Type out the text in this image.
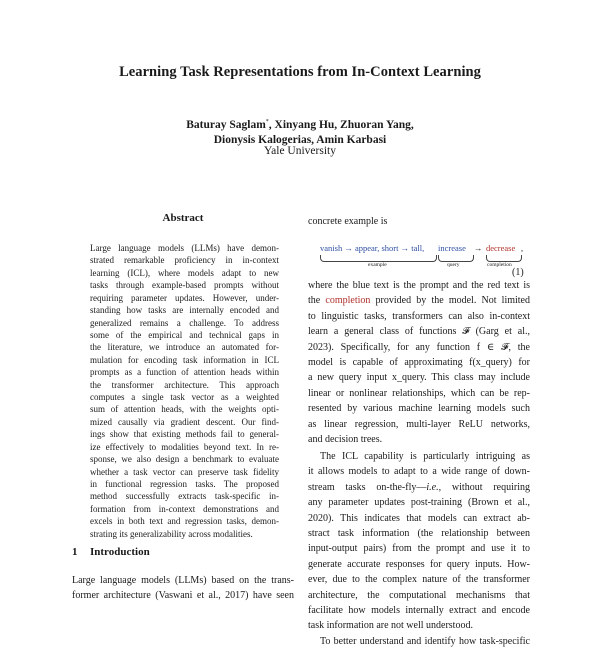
Learning Task Representations from In-Context Learning
Baturay Saglam*, Xinyang Hu, Zhuoran Yang,
Dionysis Kalogerias, Amin Karbasi
Yale University
Abstract
Large language models (LLMs) have demon-
strated remarkable proficiency in in-context
learning (ICL), where models adapt to new
tasks through example-based prompts without
requiring parameter updates. However, under-
standing how tasks are internally encoded and
generalized remains a challenge. To address
some of the empirical and technical gaps in
the literature, we introduce an automated for-
mulation for encoding task information in ICL
prompts as a function of attention heads within
the transformer architecture. This approach
computes a single task vector as a weighted
sum of attention heads, with the weights opti-
mized causally via gradient descent. Our find-
ings show that existing methods fail to general-
ize effectively to modalities beyond text. In re-
sponse, we also design a benchmark to evaluate
whether a task vector can preserve task fidelity
in functional regression tasks. The proposed
method successfully extracts task-specific in-
formation from in-context demonstrations and
excels in both text and regression tasks, demon-
strating its generalizability across modalities.
1 Introduction
Large language models (LLMs) based on the trans-
former architecture (Vaswani et al., 2017) have seen
concrete example is
vanish → appear, short → tall, increase → decrease ,
example	query	completion
(1)
where the blue text is the prompt and the red text is
the completion provided by the model. Not limited
to linguistic tasks, transformers can also in-context
learn a general class of functions 𝓕 (Garg et al.,
2023). Specifically, for any function f ∈ 𝓕, the
model is capable of approximating f(x_query) for
a new query input x_query. This class may include
linear or nonlinear relationships, which can be rep-
resented by various machine learning models such
as linear regression, multi-layer ReLU networks,
and decision trees.
The ICL capability is particularly intriguing as
it allows models to adapt to a wide range of down-
stream tasks on-the-fly—i.e., without requiring
any parameter updates post-training (Brown et al.,
2020). This indicates that models can extract ab-
stract task information (the relationship between
input-output pairs) from the prompt and use it to
generate accurate responses for query inputs. How-
ever, due to the complex nature of the transformer
architecture, the computational mechanisms that
facilitate how models internally extract and encode
task information are not well understood.
To better understand and identify how task-specific
